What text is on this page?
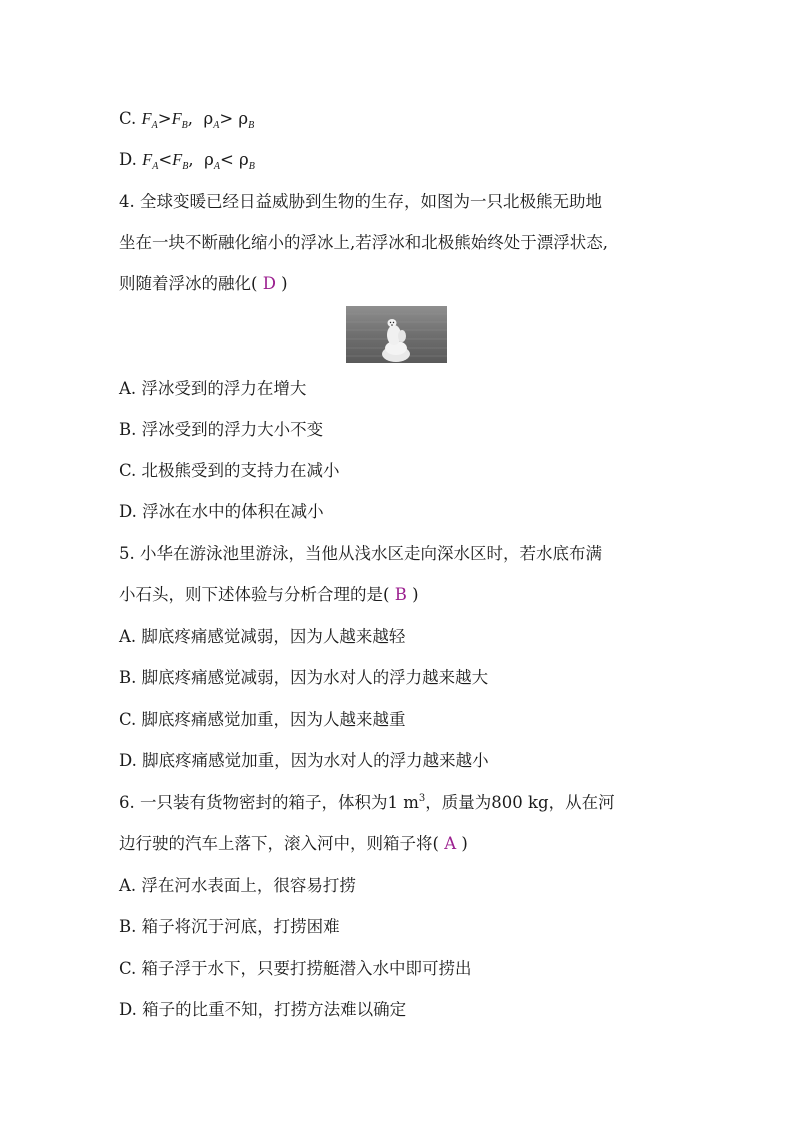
C. $F_A>F_B$, $\rho_A> \rho_B$
D. $F_A<F_B$, $\rho_A< \rho_B$
4. 全球变暖已经日益威胁到生物的生存，如图为一只北极熊无助地
坐在一块不断融化缩小的浮冰上,若浮冰和北极熊始终处于漂浮状态,
则随着浮冰的融化( D )
A. 浮冰受到的浮力在增大
B. 浮冰受到的浮力大小不变
C. 北极熊受到的支持力在减小
D. 浮冰在水中的体积在减小
5. 小华在游泳池里游泳，当他从浅水区走向深水区时，若水底布满
小石头，则下述体验与分析合理的是( B )
A. 脚底疼痛感觉减弱，因为人越来越轻
B. 脚底疼痛感觉减弱，因为水对人的浮力越来越大
C. 脚底疼痛感觉加重，因为人越来越重
D. 脚底疼痛感觉加重，因为水对人的浮力越来越小
6. 一只装有货物密封的箱子，体积为1 $m^3$，质量为800 kg，从在河
边行驶的汽车上落下，滚入河中，则箱子将( A )
A. 浮在河水表面上，很容易打捞
B. 箱子将沉于河底，打捞困难
C. 箱子浮于水下，只要打捞艇潜入水中即可捞出
D. 箱子的比重不知，打捞方法难以确定
